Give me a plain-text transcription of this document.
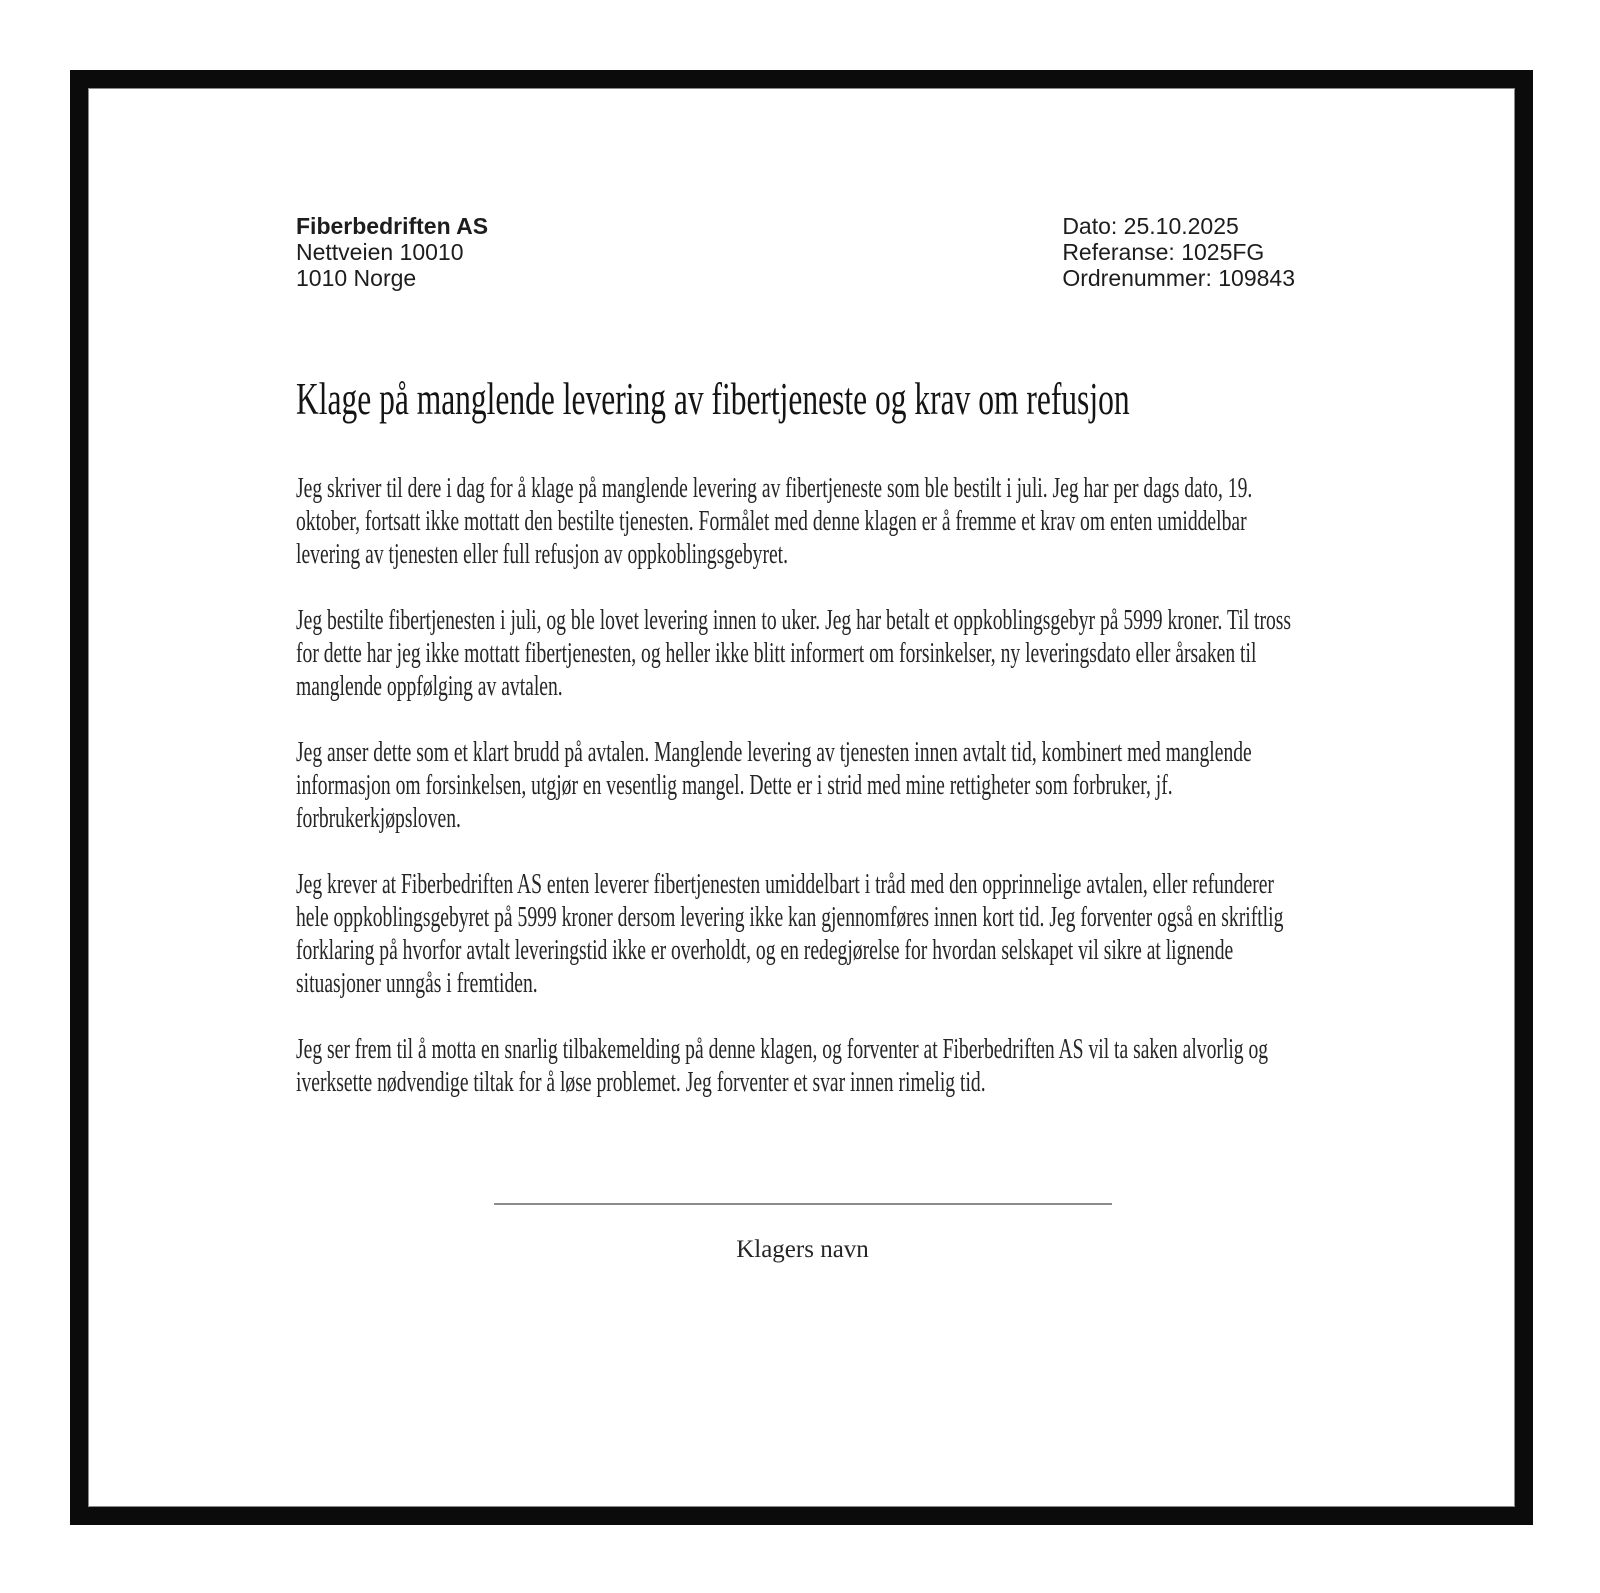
Fiberbedriften AS
Nettveien 10010
1010 Norge
Dato: 25.10.2025
Referanse: 1025FG
Ordrenummer: 109843
Klage på manglende levering av fibertjeneste og krav om refusjon

Jeg skriver til dere i dag for å klage på manglende levering av fibertjeneste som ble bestilt i juli. Jeg har per dags dato, 19. oktober, fortsatt ikke mottatt den bestilte tjenesten. Formålet med denne klagen er å fremme et krav om enten umiddelbar levering av tjenesten eller full refusjon av oppkoblingsgebyret.

Jeg bestilte fibertjenesten i juli, og ble lovet levering innen to uker. Jeg har betalt et oppkoblingsgebyr på 5999 kroner. Til tross for dette har jeg ikke mottatt fibertjenesten, og heller ikke blitt informert om forsinkelser, ny leveringsdato eller årsaken til manglende oppfølging av avtalen.

Jeg anser dette som et klart brudd på avtalen. Manglende levering av tjenesten innen avtalt tid, kombinert med manglende informasjon om forsinkelsen, utgjør en vesentlig mangel. Dette er i strid med mine rettigheter som forbruker, jf. forbrukerkjøpsloven.

Jeg krever at Fiberbedriften AS enten leverer fibertjenesten umiddelbart i tråd med den opprinnelige avtalen, eller refunderer hele oppkoblingsgebyret på 5999 kroner dersom levering ikke kan gjennomføres innen kort tid. Jeg forventer også en skriftlig forklaring på hvorfor avtalt leveringstid ikke er overholdt, og en redegjørelse for hvordan selskapet vil sikre at lignende situasjoner unngås i fremtiden.

Jeg ser frem til å motta en snarlig tilbakemelding på denne klagen, og forventer at Fiberbedriften AS vil ta saken alvorlig og iverksette nødvendige tiltak for å løse problemet. Jeg forventer et svar innen rimelig tid.

Klagers navn
